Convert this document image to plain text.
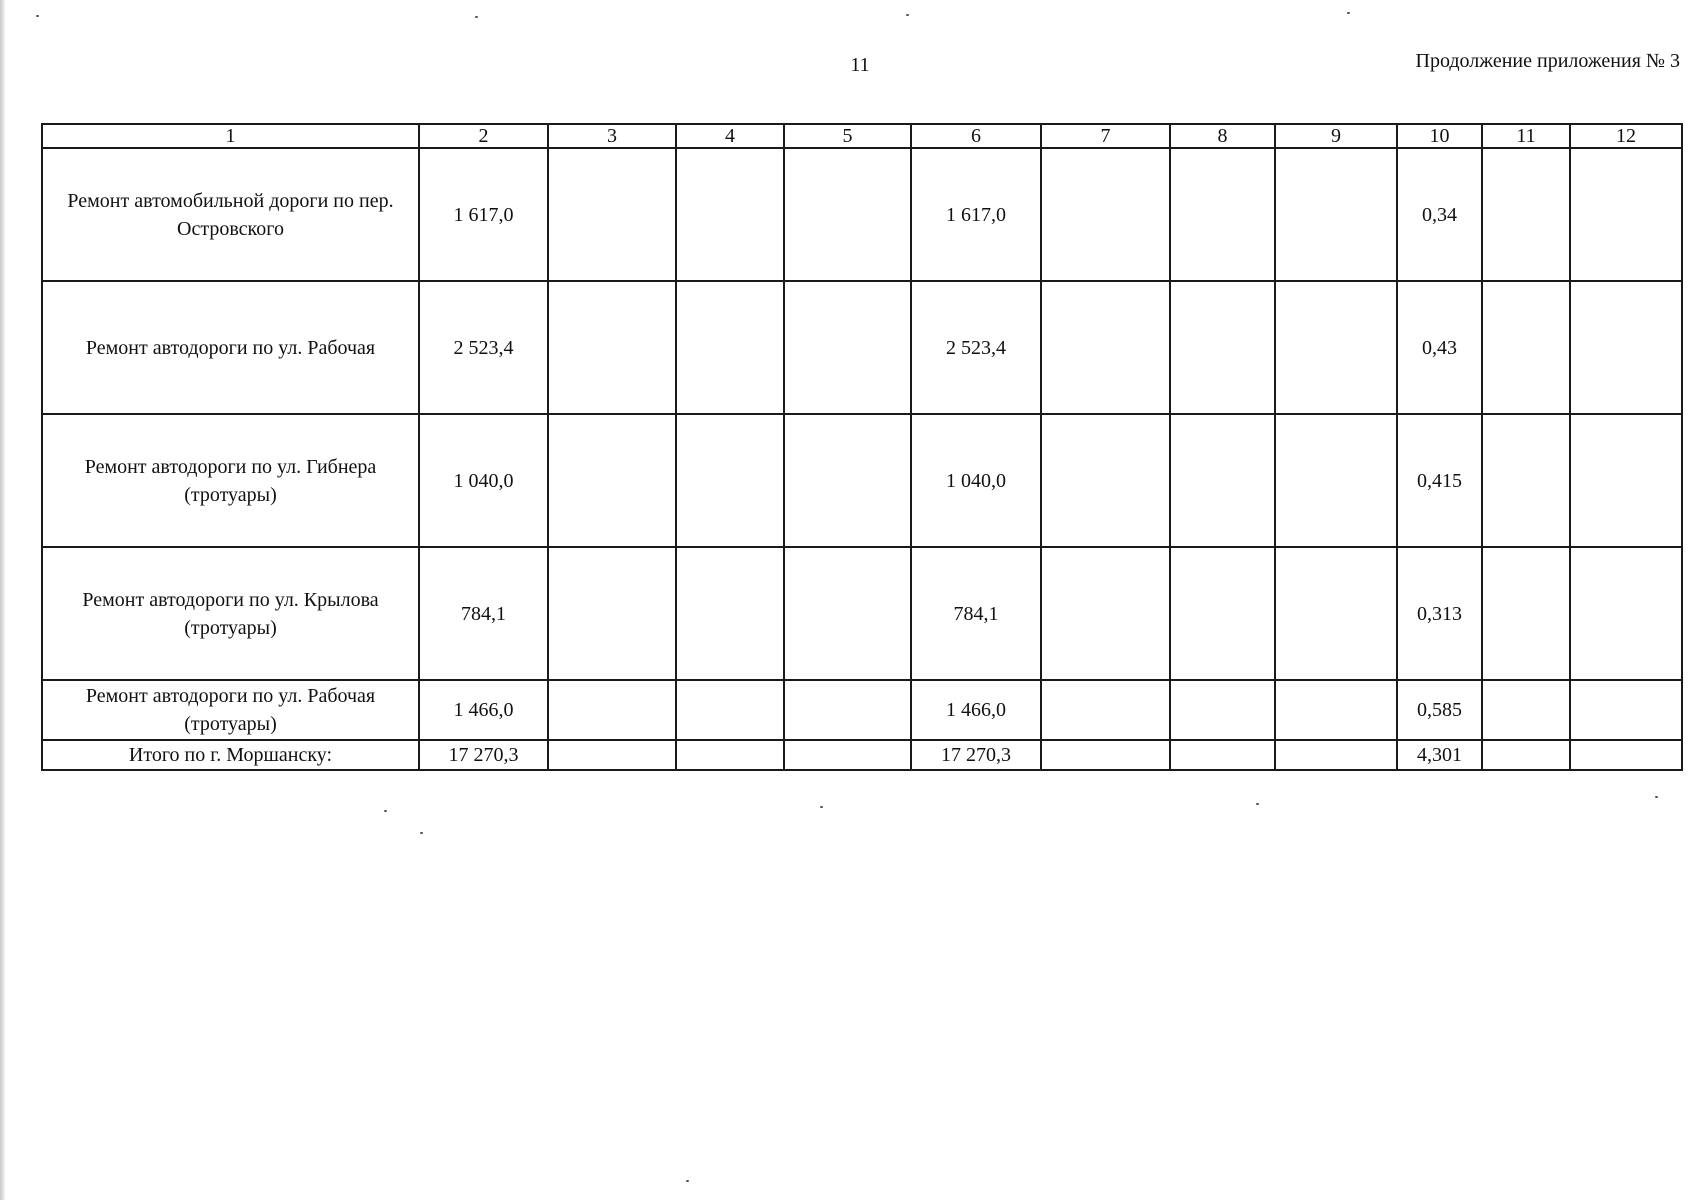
11	Продолжение приложения № 3
1	2	3	4	5	6	7	8	9	10	11	12
Ремонт автомобильной дороги по пер. Островского	1 617,0				1 617,0				0,34		
Ремонт автодороги по ул. Рабочая	2 523,4				2 523,4				0,43		
Ремонт автодороги по ул. Гибнера (тротуары)	1 040,0				1 040,0				0,415		
Ремонт автодороги по ул. Крылова (тротуары)	784,1				784,1				0,313		
Ремонт автодороги по ул. Рабочая (тротуары)	1 466,0				1 466,0				0,585		
Итого по г. Моршанску:	17 270,3				17 270,3				4,301		
